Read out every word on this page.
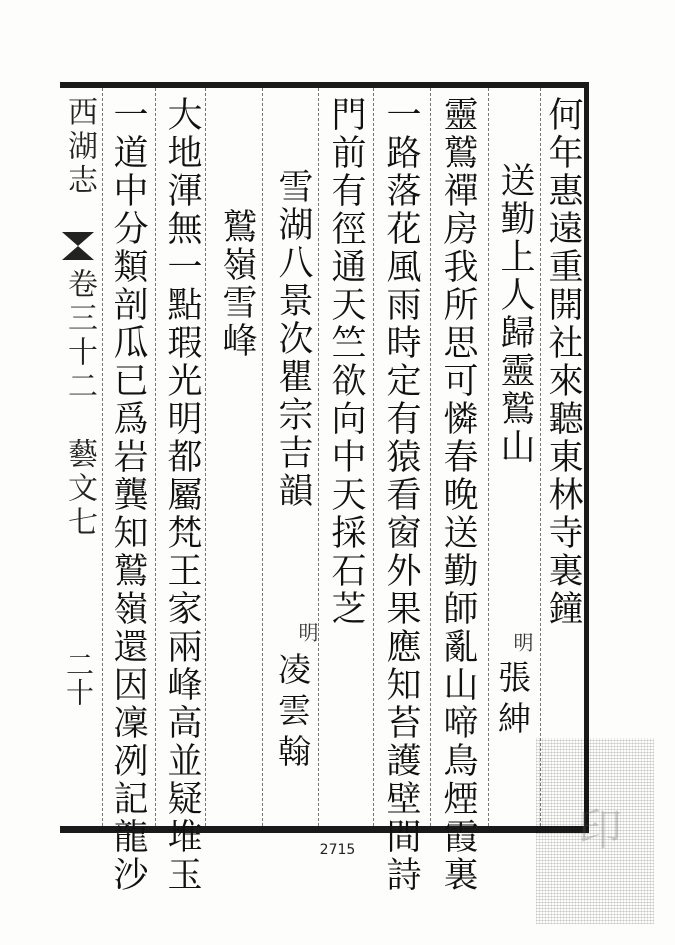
西湖志
卷三十二　藝文七
二十
何年惠遠重開社來聽東林寺裏鐘
送勤上人歸靈鷲山
明
張紳
靈鷲禪房我所思可憐春晚送勤師亂山啼鳥煙霞裏
一路落花風雨時定有猿看窗外果應知苔護壁間詩
門前有徑通天竺欲向中天採石芝
雪湖八景次瞿宗吉韻
明
凌雲翰
鷲嶺雪峰
大地渾無一點瑕光明都屬梵王家兩峰高並疑堆玉
一道中分類剖瓜已爲岩龔知鷲嶺還因凜冽記龍沙	2715	印
